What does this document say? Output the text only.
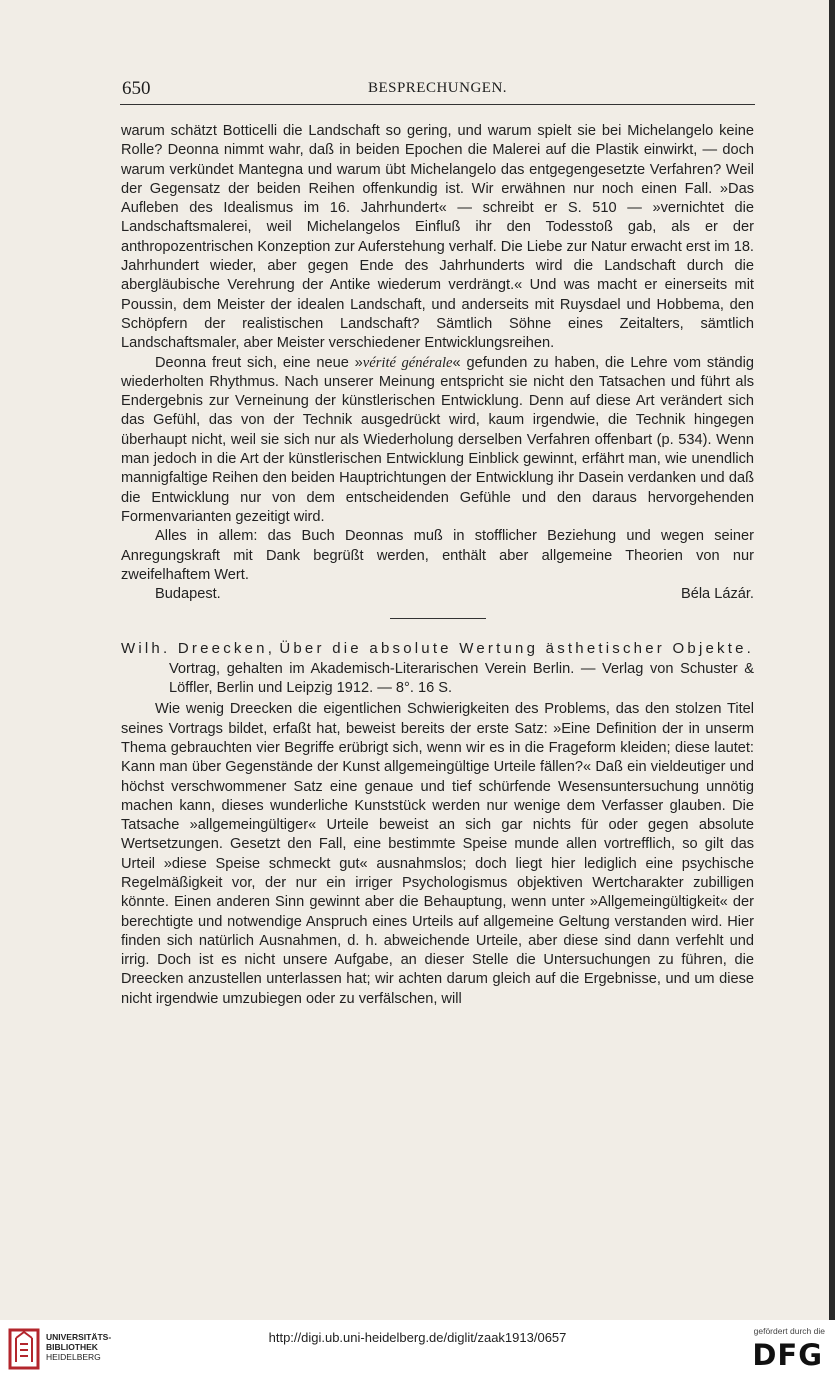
650	BESPRECHUNGEN.

warum schätzt Botticelli die Landschaft so gering, und warum spielt sie bei Michelangelo keine Rolle? Deonna nimmt wahr, daß in beiden Epochen die Malerei auf die Plastik einwirkt, — doch warum verkündet Mantegna und warum übt Michelangelo das entgegengesetzte Verfahren? Weil der Gegensatz der beiden Reihen offenkundig ist. Wir erwähnen nur noch einen Fall. »Das Aufleben des Idealismus im 16. Jahrhundert« — schreibt er S. 510 — »vernichtet die Landschaftsmalerei, weil Michelangelos Einfluß ihr den Todesstoß gab, als er der anthropozentrischen Konzeption zur Auferstehung verhalf. Die Liebe zur Natur erwacht erst im 18. Jahrhundert wieder, aber gegen Ende des Jahrhunderts wird die Landschaft durch die abergläubische Verehrung der Antike wiederum verdrängt.« Und was macht er einerseits mit Poussin, dem Meister der idealen Landschaft, und anderseits mit Ruysdael und Hobbema, den Schöpfern der realistischen Landschaft? Sämtlich Söhne eines Zeitalters, sämtlich Landschaftsmaler, aber Meister verschiedener Entwicklungsreihen.

Deonna freut sich, eine neue »vérité générale« gefunden zu haben, die Lehre vom ständig wiederholten Rhythmus. Nach unserer Meinung entspricht sie nicht den Tatsachen und führt als Endergebnis zur Verneinung der künstlerischen Entwicklung. Denn auf diese Art verändert sich das Gefühl, das von der Technik ausgedrückt wird, kaum irgendwie, die Technik hingegen überhaupt nicht, weil sie sich nur als Wiederholung derselben Verfahren offenbart (p. 534). Wenn man jedoch in die Art der künstlerischen Entwicklung Einblick gewinnt, erfährt man, wie unendlich mannigfaltige Reihen den beiden Hauptrichtungen der Entwicklung ihr Dasein verdanken und daß die Entwicklung nur von dem entscheidenden Gefühle und den daraus hervorgehenden Formenvarianten gezeitigt wird.

Alles in allem: das Buch Deonnas muß in stofflicher Beziehung und wegen seiner Anregungskraft mit Dank begrüßt werden, enthält aber allgemeine Theorien von nur zweifelhaftem Wert.

Budapest.	Béla Lázár.

Wilh. Dreecken, Über die absolute Wertung ästhetischer Objekte. Vortrag, gehalten im Akademisch-Literarischen Verein Berlin. — Verlag von Schuster & Löffler, Berlin und Leipzig 1912. — 8°. 16 S.

Wie wenig Dreecken die eigentlichen Schwierigkeiten des Problems, das den stolzen Titel seines Vortrags bildet, erfaßt hat, beweist bereits der erste Satz: »Eine Definition der in unserm Thema gebrauchten vier Begriffe erübrigt sich, wenn wir es in die Frageform kleiden; diese lautet: Kann man über Gegenstände der Kunst allgemeingültige Urteile fällen?« Daß ein vieldeutiger und höchst verschwommener Satz eine genaue und tief schürfende Wesensuntersuchung unnötig machen kann, dieses wunderliche Kunststück werden nur wenige dem Verfasser glauben. Die Tatsache »allgemeingültiger« Urteile beweist an sich gar nichts für oder gegen absolute Wertsetzungen. Gesetzt den Fall, eine bestimmte Speise munde allen vortrefflich, so gilt das Urteil »diese Speise schmeckt gut« ausnahmslos; doch liegt hier lediglich eine psychische Regelmäßigkeit vor, der nur ein irriger Psychologismus objektiven Wertcharakter zubilligen könnte. Einen anderen Sinn gewinnt aber die Behauptung, wenn unter »Allgemeingültigkeit« der berechtigte und notwendige Anspruch eines Urteils auf allgemeine Geltung verstanden wird. Hier finden sich natürlich Ausnahmen, d. h. abweichende Urteile, aber diese sind dann verfehlt und irrig. Doch ist es nicht unsere Aufgabe, an dieser Stelle die Untersuchungen zu führen, die Dreecken anzustellen unterlassen hat; wir achten darum gleich auf die Ergebnisse, und um diese nicht irgendwie umzubiegen oder zu verfälschen, will

UNIVERSITÄTS-
BIBLIOTHEK
HEIDELBERG
http://digi.ub.uni-heidelberg.de/diglit/zaak1913/0657	gefördert durch die
DFG
